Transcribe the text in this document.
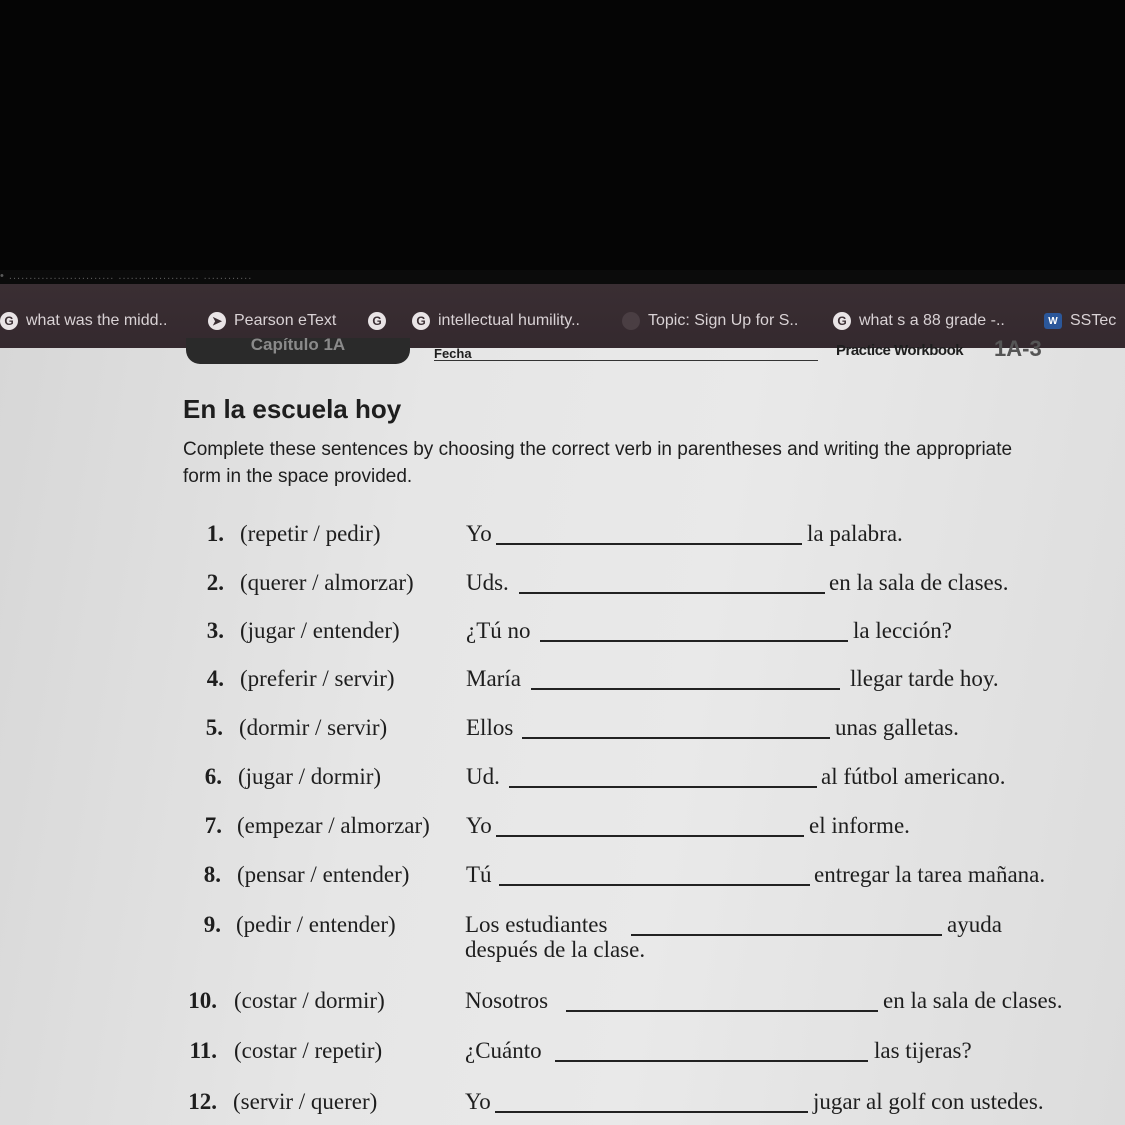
• .......................... .................... ............
G what was the midd..	➤ Pearson eText	G	G intellectual humility..	● Topic: Sign Up for S..	G what s a 88 grade -..	W SSTec
Capítulo 1A	Fecha	Practice Workbook 1A-3
En la escuela hoy

Complete these sentences by choosing the correct verb in parentheses and writing the appropriate form in the space provided.

1. (repetir / pedir)	Yo	la palabra.
2. (querer / almorzar) Uds.	en la sala de clases.
3. (jugar / entender)	¿Tú no	la lección?
4. (preferir / servir)	María	llegar tarde hoy.
5. (dormir / servir)	Ellos	unas galletas.
6. (jugar / dormir)	Ud.	al fútbol americano.
7. (empezar / almorzar) Yo	el informe.
8. (pensar / entender) Tú	entregar la tarea mañana.
9. (pedir / entender)	Los estudiantes	ayuda
después de la clase.
10. (costar / dormir)	Nosotros	en la sala de clases.
11. (costar / repetir)	¿Cuánto	las tijeras?
12. (servir / querer)	Yo	jugar al golf con ustedes.
